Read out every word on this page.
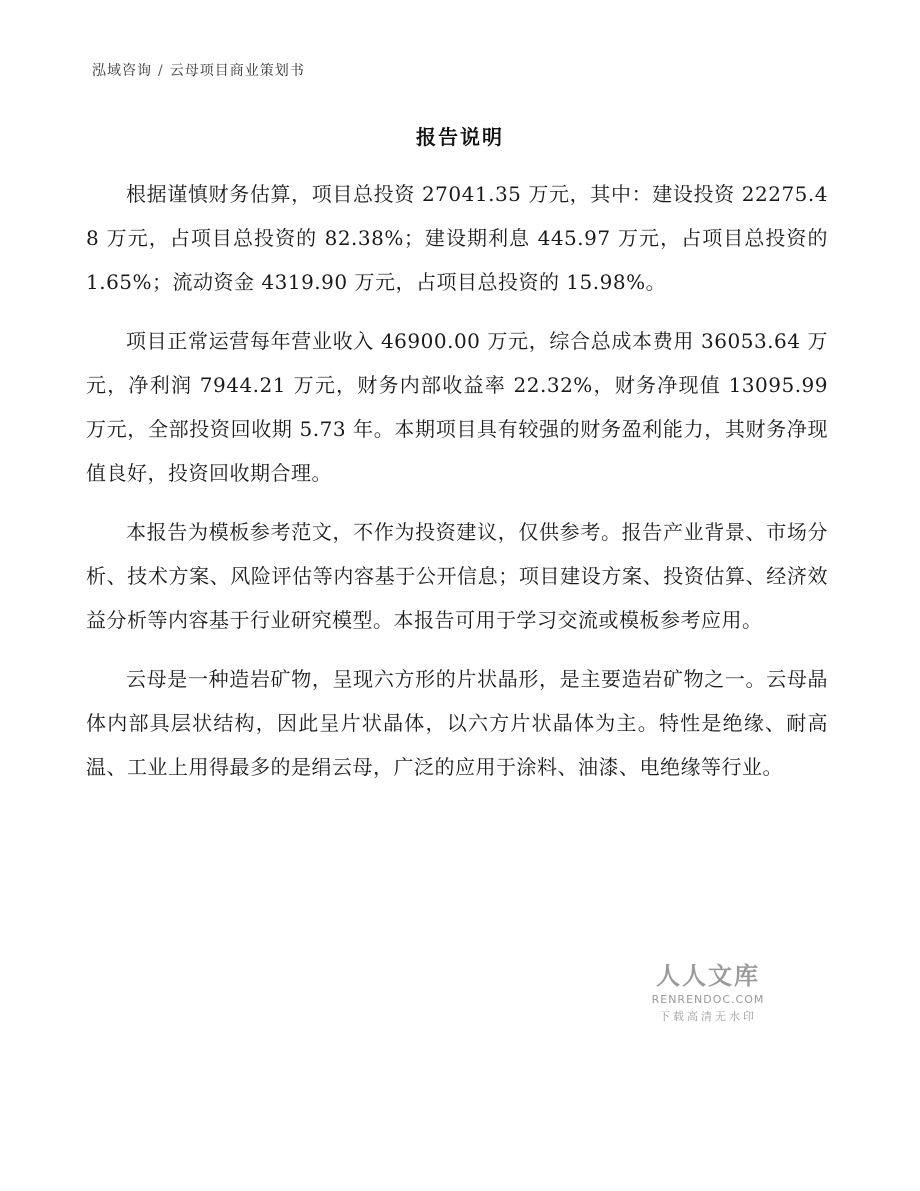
泓域咨询 / 云母项目商业策划书
报告说明

根据谨慎财务估算，项目总投资 27041.35 万元，其中：建设投资 22275.48 万元，占项目总投资的 82.38%；建设期利息 445.97 万元，占项目总投资的 1.65%；流动资金 4319.90 万元，占项目总投资的 15.98%。

项目正常运营每年营业收入 46900.00 万元，综合总成本费用 36053.64 万元，净利润 7944.21 万元，财务内部收益率 22.32%，财务净现值 13095.99 万元，全部投资回收期 5.73 年。本期项目具有较强的财务盈利能力，其财务净现值良好，投资回收期合理。

本报告为模板参考范文，不作为投资建议，仅供参考。报告产业背景、市场分析、技术方案、风险评估等内容基于公开信息；项目建设方案、投资估算、经济效益分析等内容基于行业研究模型。本报告可用于学习交流或模板参考应用。

云母是一种造岩矿物，呈现六方形的片状晶形，是主要造岩矿物之一。云母晶体内部具层状结构，因此呈片状晶体，以六方片状晶体为主。特性是绝缘、耐高温、工业上用得最多的是绢云母，广泛的应用于涂料、油漆、电绝缘等行业。

人人文库
RENRENDOC.COM
下载高清无水印
